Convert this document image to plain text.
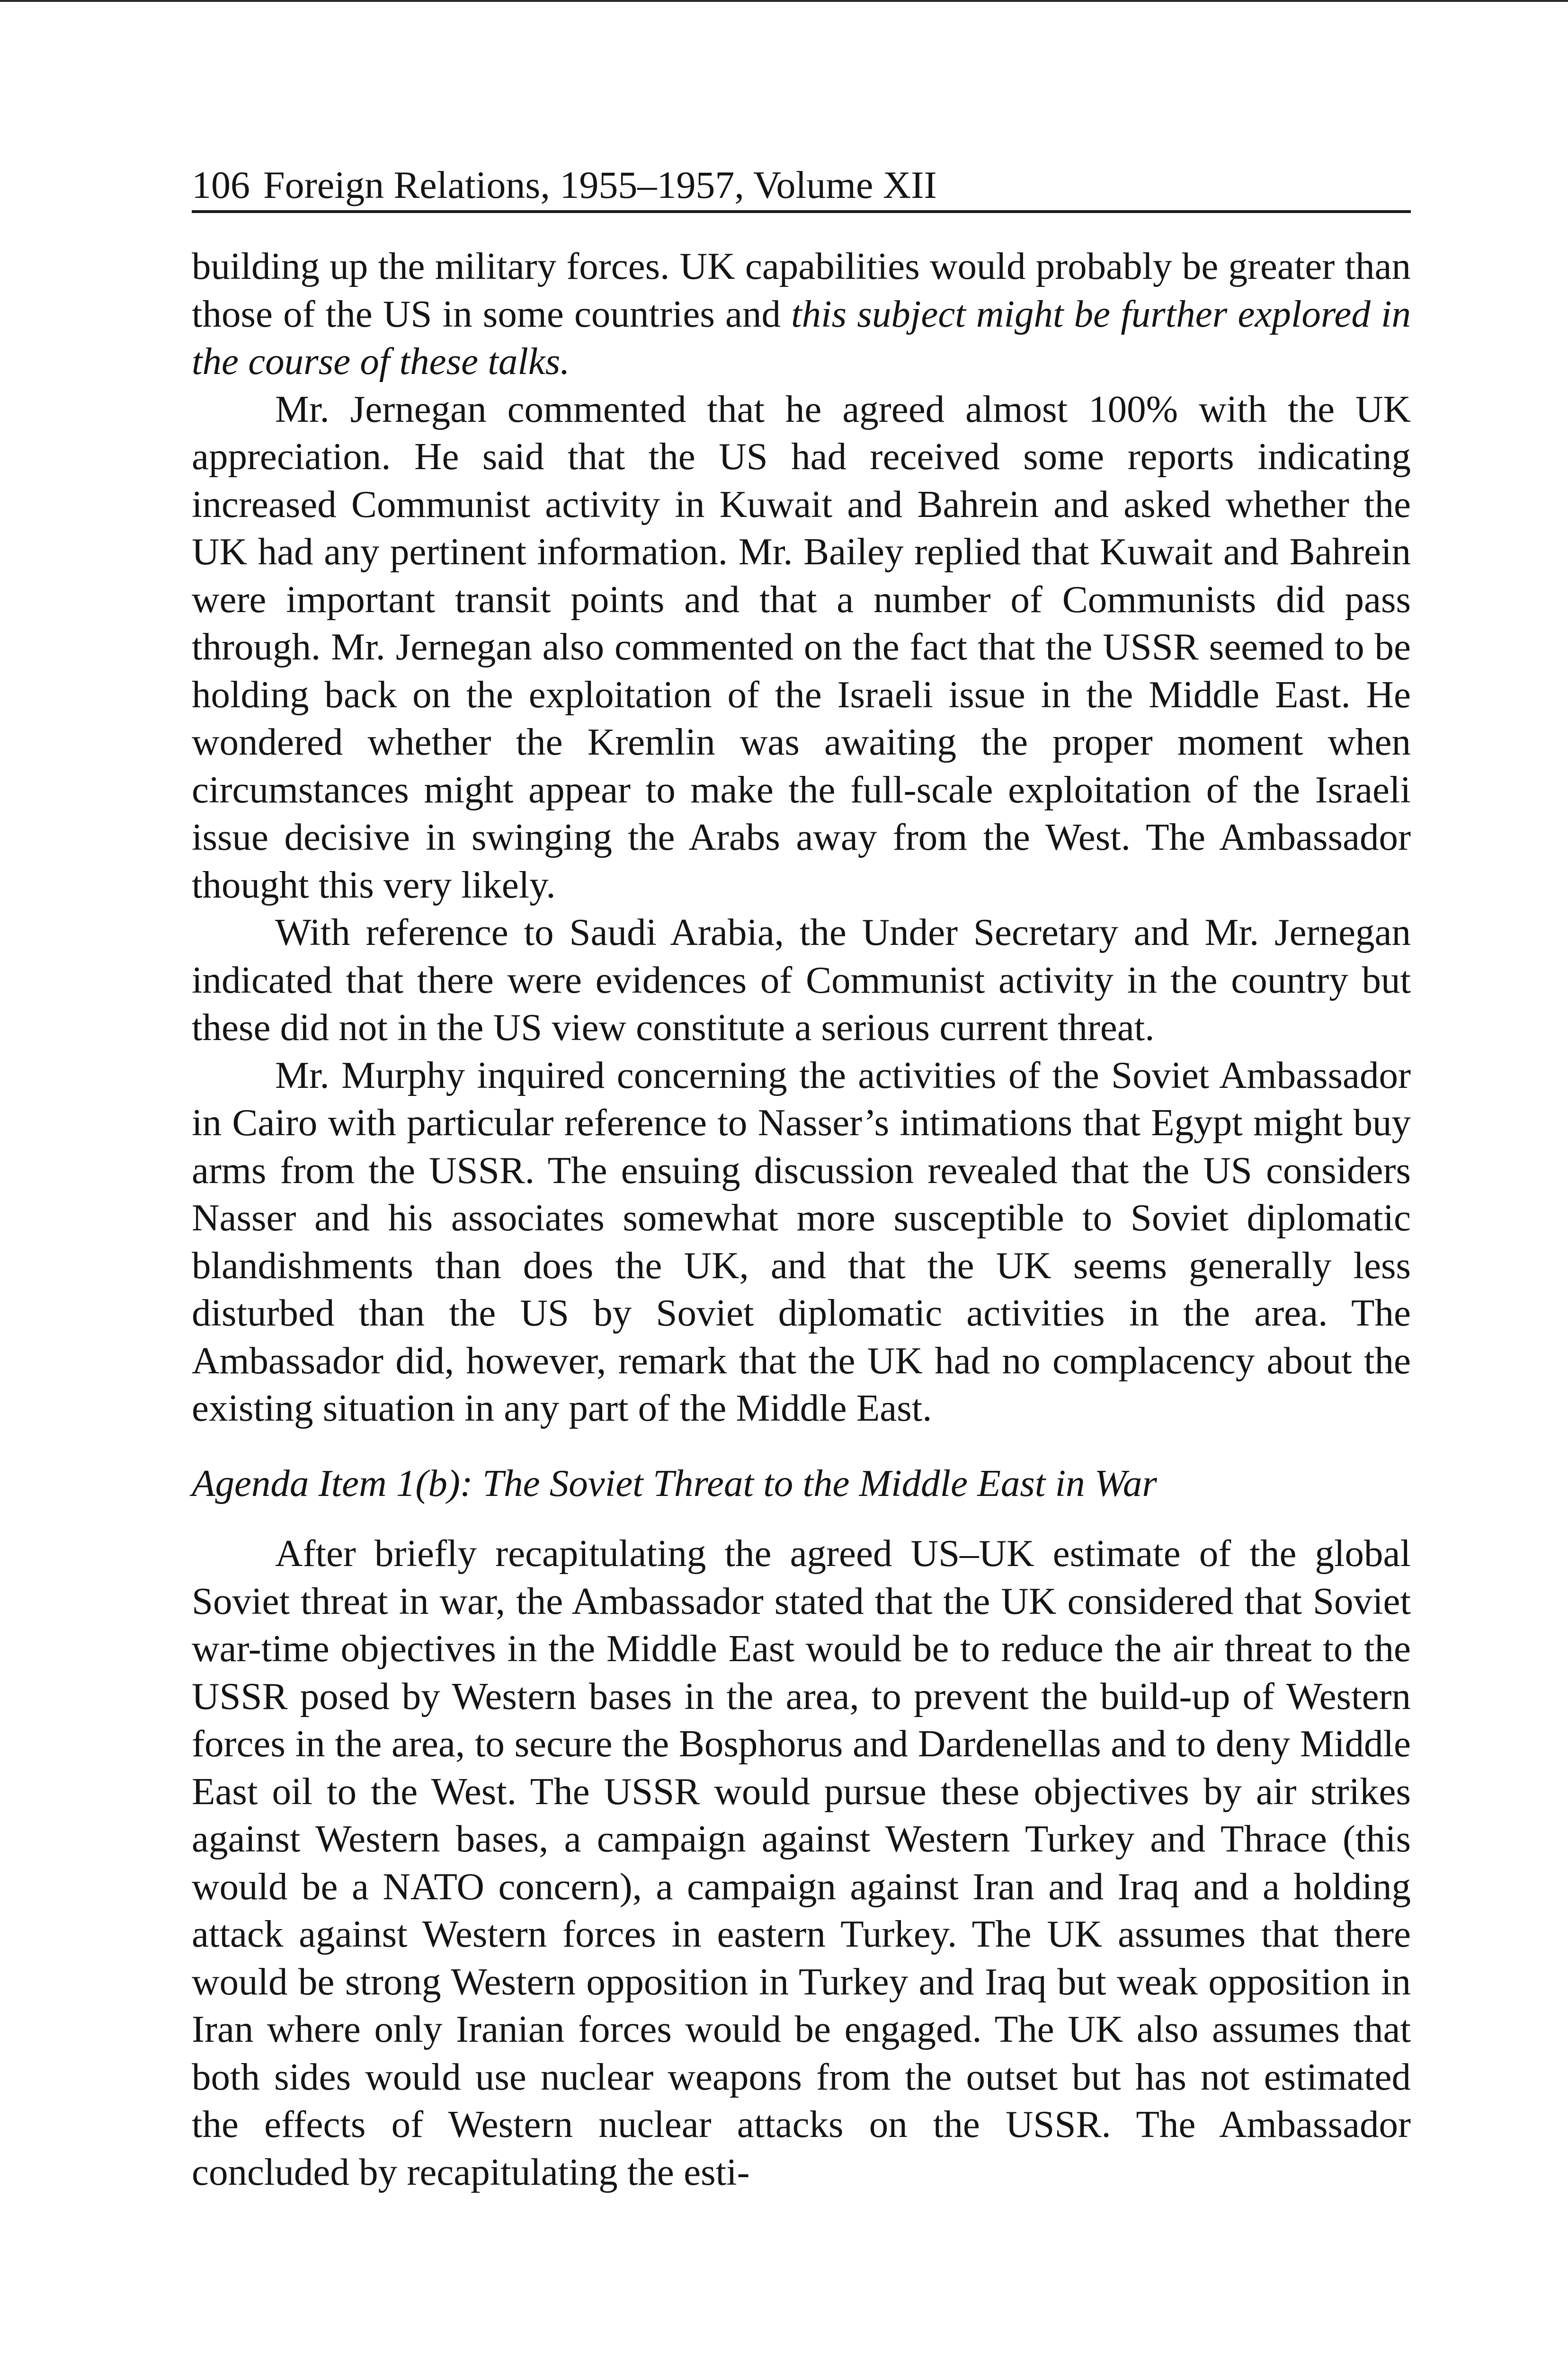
106 Foreign Relations, 1955–1957, Volume XII

building up the military forces. UK capabilities would probably be greater than those of the US in some countries and this subject might be further explored in the course of these talks.

Mr. Jernegan commented that he agreed almost 100% with the UK appreciation. He said that the US had received some reports indicating increased Communist activity in Kuwait and Bahrein and asked whether the UK had any pertinent information. Mr. Bailey replied that Kuwait and Bahrein were important transit points and that a number of Communists did pass through. Mr. Jernegan also commented on the fact that the USSR seemed to be holding back on the exploitation of the Israeli issue in the Middle East. He wondered whether the Kremlin was awaiting the proper moment when circumstances might appear to make the full-scale exploitation of the Israeli issue decisive in swinging the Arabs away from the West. The Ambassador thought this very likely.

With reference to Saudi Arabia, the Under Secretary and Mr. Jernegan indicated that there were evidences of Communist activity in the country but these did not in the US view constitute a serious current threat.

Mr. Murphy inquired concerning the activities of the Soviet Ambassador in Cairo with particular reference to Nasser’s intimations that Egypt might buy arms from the USSR. The ensuing discussion revealed that the US considers Nasser and his associates somewhat more susceptible to Soviet diplomatic blandishments than does the UK, and that the UK seems generally less disturbed than the US by Soviet diplomatic activities in the area. The Ambassador did, however, remark that the UK had no complacency about the existing situation in any part of the Middle East.

Agenda Item 1(b): The Soviet Threat to the Middle East in War

After briefly recapitulating the agreed US–UK estimate of the global Soviet threat in war, the Ambassador stated that the UK considered that Soviet war-time objectives in the Middle East would be to reduce the air threat to the USSR posed by Western bases in the area, to prevent the build-up of Western forces in the area, to secure the Bosphorus and Dardenellas and to deny Middle East oil to the West. The USSR would pursue these objectives by air strikes against Western bases, a campaign against Western Turkey and Thrace (this would be a NATO concern), a campaign against Iran and Iraq and a holding attack against Western forces in eastern Turkey. The UK assumes that there would be strong Western opposition in Turkey and Iraq but weak opposition in Iran where only Iranian forces would be engaged. The UK also assumes that both sides would use nuclear weapons from the outset but has not estimated the effects of Western nuclear attacks on the USSR. The Ambassador concluded by recapitulating the esti-
